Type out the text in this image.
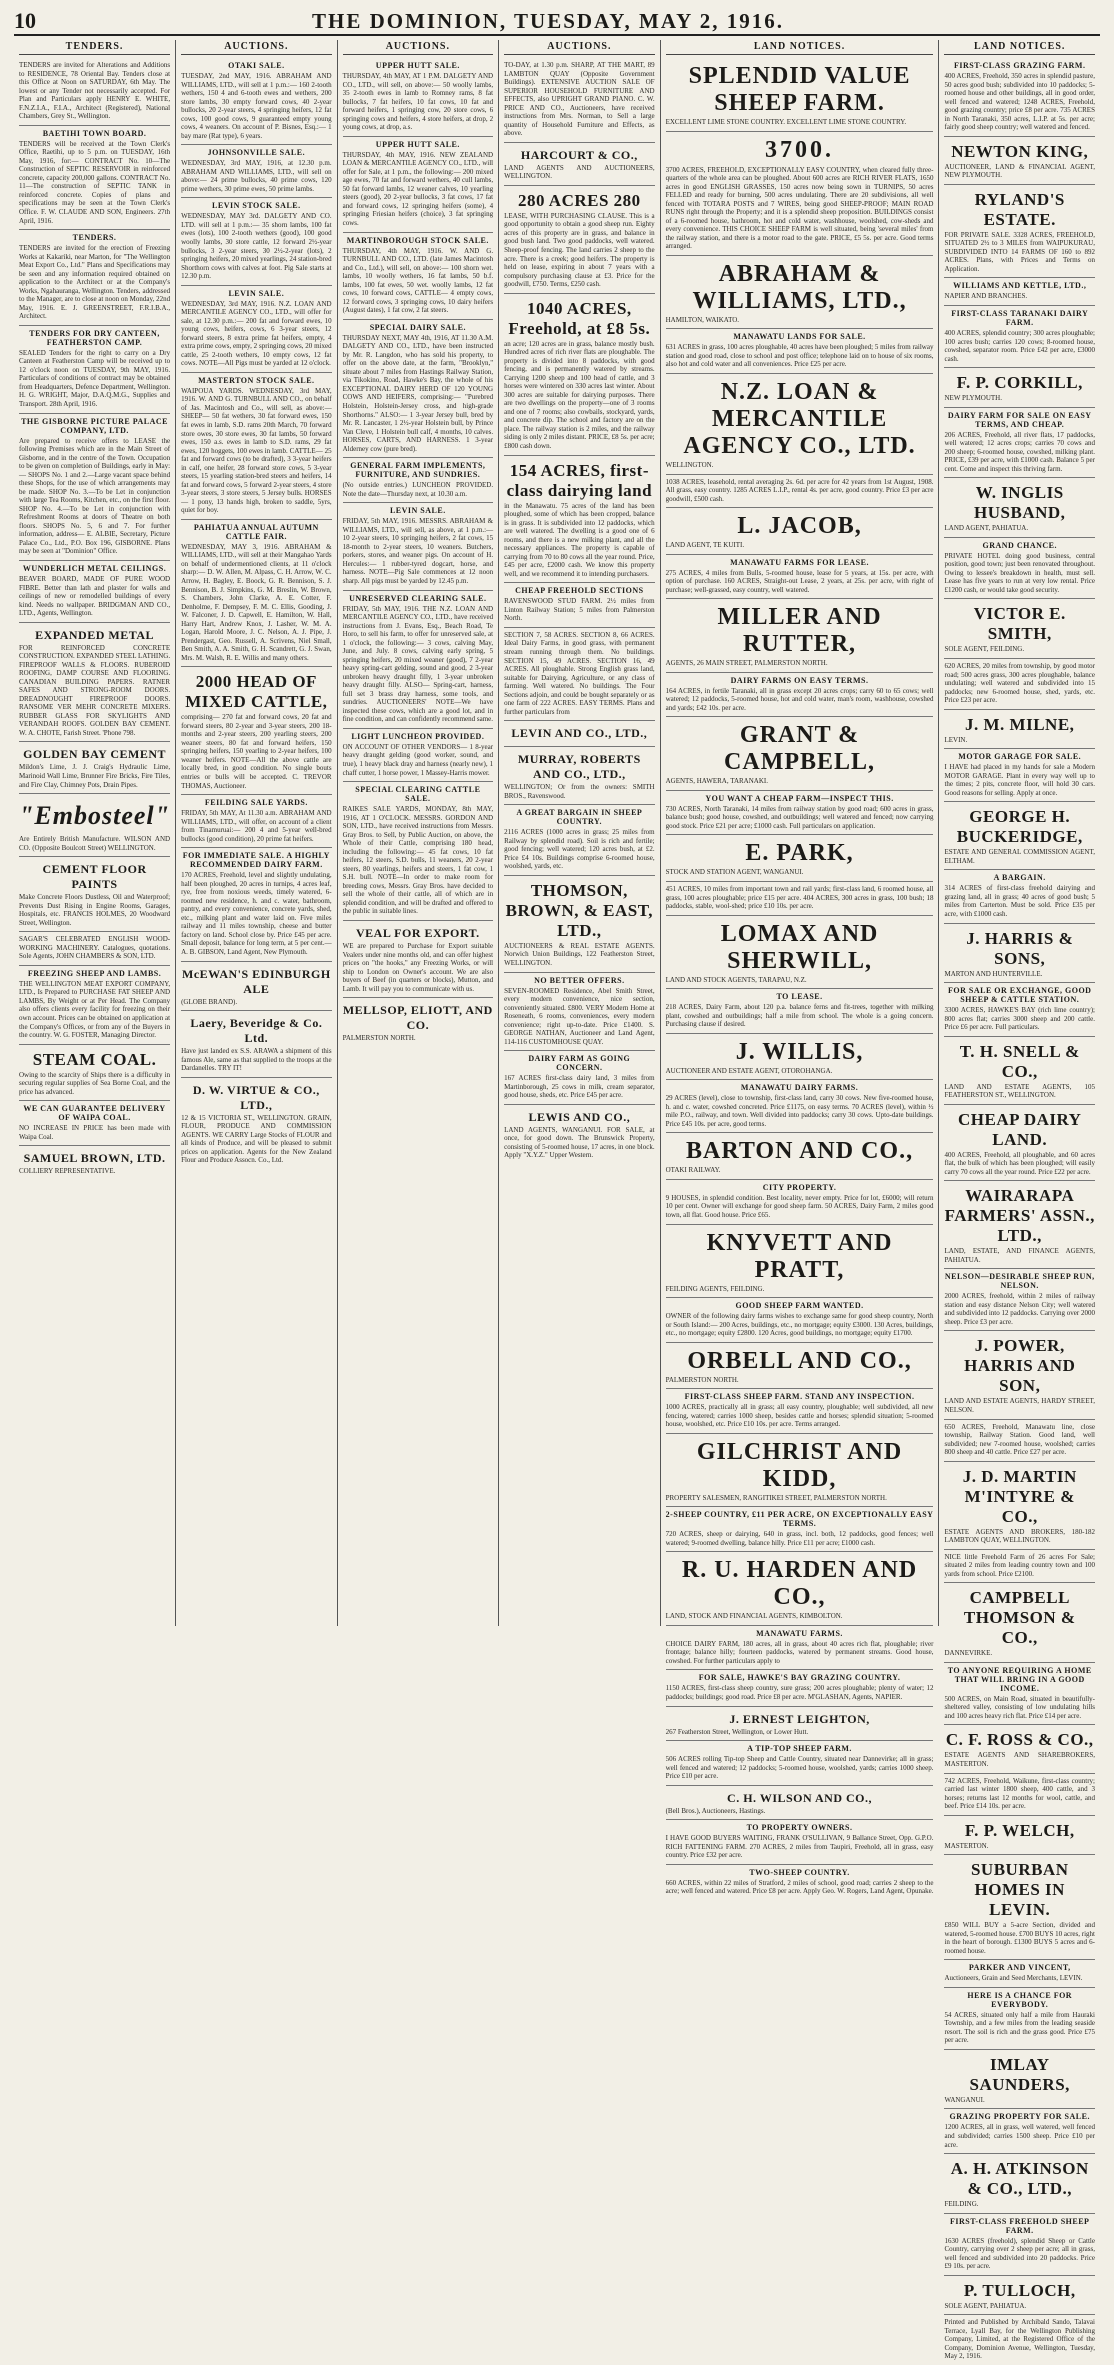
10	THE DOMINION, TUESDAY, MAY 2, 1916.
TENDERS.
TENDERS are invited for Alterations and Additions to RESIDENCE, 78 Oriental Bay. Tenders close at this Office at Noon on SATURDAY, 6th May. The lowest or any Tender not necessarily accepted. For Plan and Particulars apply HENRY E. WHITE, F.N.Z.I.A., F.I.A., Architect (Registered), National Chambers, Grey St., Wellington.
BAETIHI TOWN BOARD.
TENDERS will be received at the Town Clerk's Office, Raetihi, up to 5 p.m. on TUESDAY, 16th May, 1916, for:— CONTRACT No. 10—The Construction of SEPTIC RESERVOIR in reinforced concrete, capacity 200,000 gallons. CONTRACT No. 11—The construction of SEPTIC TANK in reinforced concrete. Copies of plans and specifications may be seen at the Town Clerk's Office. F. W. CLAUDE AND SON, Engineers. 27th April, 1916.
TENDERS.
TENDERS are invited for the erection of Freezing Works at Kakariki, near Marton, for "The Wellington Meat Export Co., Ltd." Plans and Specifications may be seen and any information required obtained on application to the Architect or at the Company's Works, Ngahauranga, Wellington. Tenders, addressed to the Manager, are to close at noon on Monday, 22nd May, 1916. E. J. GREENSTREET, F.R.I.B.A., Architect.
TENDERS FOR DRY CANTEEN, FEATHERSTON CAMP.
SEALED Tenders for the right to carry on a Dry Canteen at Featherston Camp will be received up to 12 o'clock noon on TUESDAY, 9th MAY, 1916. Particulars of conditions of contract may be obtained from Headquarters, Defence Department, Wellington. H. G. WRIGHT, Major, D.A.Q.M.G., Supplies and Transport. 28th April, 1916.
THE GISBORNE PICTURE PALACE COMPANY, LTD.
Are prepared to receive offers to LEASE the following Premises which are in the Main Street of Gisborne, and in the centre of the Town. Occupation to be given on completion of Buildings, early in May:— SHOPS No. 1 and 2.—Large vacant space behind these Shops, for the use of which arrangements may be made. SHOP No. 3.—To be Let in conjunction with large Tea Rooms, Kitchen, etc., on the first floor. SHOP No. 4.—To be Let in conjunction with Refreshment Rooms at doors of Theatre on both floors. SHOPS No. 5, 6 and 7. For further information, address— E. ALBIE, Secretary, Picture Palace Co., Ltd., P.O. Box 196, GISBORNE. Plans may be seen at "Dominion" Office.
WUNDERLICH METAL CEILINGS.
BEAVER BOARD, MADE OF PURE WOOD FIBRE. Better than lath and plaster for walls and ceilings of new or remodelled buildings of every kind. Needs no wallpaper. BRIDGMAN AND CO., LTD., Agents, Wellington.
EXPANDED METAL
FOR REINFORCED CONCRETE CONSTRUCTION. EXPANDED STEEL LATHING. FIREPROOF WALLS & FLOORS. RUBEROID ROOFING, DAMP COURSE AND FLOORING. CANADIAN BUILDING PAPERS. RATNER SAFES AND STRONG-ROOM DOORS. DREADNOUGHT FIREPROOF DOORS. RANSOME VER MEHR CONCRETE MIXERS. RUBBER GLASS FOR SKYLIGHTS AND VERANDAH ROOFS. GOLDEN BAY CEMENT. W. A. CHOTE, Farish Street. 'Phone 798.
GOLDEN BAY CEMENT
Mildon's Lime, J. J. Craig's Hydraulic Lime, Marinoid Wall Lime, Brunner Fire Bricks, Fire Tiles, and Fire Clay, Chimney Pots, Drain Pipes.
"Embosteel"
Are Entirely British Manufacture. WILSON AND CO. (Opposite Boulcott Street) WELLINGTON.
CEMENT FLOOR PAINTS
Make Concrete Floors Dustless, Oil and Waterproof; Prevents Dust Rising in Engine Rooms, Garages, Hospitals, etc. FRANCIS HOLMES, 20 Woodward Street, Wellington.
SAGAR'S CELEBRATED ENGLISH WOOD-WORKING MACHINERY. Catalogues, quotations. Sole Agents, JOHN CHAMBERS & SON, LTD.
FREEZING SHEEP AND LAMBS.
THE WELLINGTON MEAT EXPORT COMPANY, LTD., Is Prepared to PURCHASE FAT SHEEP AND LAMBS, By Weight or at Per Head. The Company also offers clients every facility for freezing on their own account. Prices can be obtained on application at the Company's Offices, or from any of the Buyers in the country. W. G. FOSTER, Managing Director.
STEAM COAL.
Owing to the scarcity of Ships there is a difficulty in securing regular supplies of Sea Borne Coal, and the price has advanced.
WE CAN GUARANTEE DELIVERY OF WAIPA COAL.
NO INCREASE IN PRICE has been made with Waipa Coal.
SAMUEL BROWN, LTD.
COLLIERY REPRESENTATIVE.
AUCTIONS.
OTAKI SALE.
TUESDAY, 2nd MAY, 1916. ABRAHAM AND WILLIAMS, LTD., will sell at 1 p.m.:— 160 2-tooth wethers, 150 4 and 6-tooth ewes and wethers, 200 store lambs, 30 empty forward cows, 40 2-year bullocks, 20 2-year steers, 4 springing heifers, 12 fat cows, 100 good cows, 9 guaranteed empty young cows, 4 weaners. On account of P. Bisnes, Esq.:— 1 bay mare (Rat type), 6 years.
JOHNSONVILLE SALE.
WEDNESDAY, 3rd MAY, 1916, at 12.30 p.m. ABRAHAM AND WILLIAMS, LTD., will sell on above:— 24 prime bullocks, 40 prime cows, 120 prime wethers, 30 prime ewes, 50 prime lambs.
LEVIN STOCK SALE.
WEDNESDAY, MAY 3rd. DALGETY AND CO. LTD. will sell at 1 p.m.:— 35 shorn lambs, 100 fat ewes (lots), 100 2-tooth wethers (good), 100 good woolly lambs, 30 store cattle, 12 forward 2½-year bullocks, 3 2-year steers, 30 2½-2-year (lots), 2 springing heifers, 20 mixed yearlings, 24 station-bred Shorthorn cows with calves at foot. Pig Sale starts at 12.30 p.m.
LEVIN SALE.
WEDNESDAY, 3rd MAY, 1916. N.Z. LOAN AND MERCANTILE AGENCY CO., LTD., will offer for sale, at 12.30 p.m.:— 200 fat and forward ewes, 10 young cows, heifers, cows, 6 3-year steers, 12 forward steers, 8 extra prime fat heifers, empty, 4 extra prime cows, empty, 2 springing cows, 20 mixed cattle, 25 2-tooth wethers, 10 empty cows, 12 fat cows. NOTE—All Pigs must be yarded at 12 o'clock.
MASTERTON STOCK SALE.
WAIPOUA YARDS. WEDNESDAY, 3rd MAY, 1916. W. AND G. TURNBULL AND CO., on behalf of Jas. Macintosh and Co., will sell, as above:— SHEEP— 50 fat wethers, 30 fat forward ewes, 150 fat ewes in lamb, S.D. rams 20th March, 70 forward store owes, 30 store ewes, 30 fat lambs, 50 forward ewes, 150 a.s. ewes in lamb to S.D. rams, 29 fat ewes, 120 hoggets, 100 ewes in lamb. CATTLE— 25 fat and forward cows (to be drafted), 3 3-year heifers in calf, one heifer, 28 forward store cows, 5 3-year steers, 15 yearling station-bred steers and heifers, 14 fat and forward cows, 5 forward 2-year steers, 4 store 3-year steers, 3 store steers, 5 Jersey bulls. HORSES— 1 pony, 13 hands high, broken to saddle, 5yrs, quiet for boy.
PAHIATUA ANNUAL AUTUMN CATTLE FAIR.
WEDNESDAY, MAY 3, 1916. ABRAHAM & WILLIAMS, LTD., will sell at their Mangahao Yards on behalf of undermentioned clients, at 11 o'clock sharp:— D. W. Allen, M. Alpass, C. H. Arrow, W. C. Arrow, H. Bagley, E. Boock, G. R. Bennison, S. J. Bennison, B. J. Simpkins, G. M. Breslin, W. Brown, S. Chambers, John Clarke, A. E. Cotter, F. Denholme, F. Dempsey, F. M. C. Ellis, Gooding, J. W. Falconer, J. D. Capwell, E. Hamilton, W. Hall, Harry Hart, Andrew Knox, J. Lasher, W. M. A. Logan, Harold Moore, J. C. Nelson, A. J. Pipe, J. Prendergast, Geo. Russell, A. Scrivens, Niel Small, Ben Smith, A. A. Smith, G. H. Scandrett, G. J. Swan, Mrs. M. Walsh, R. E. Willis and many others.
2000 HEAD OF MIXED CATTLE,
comprising— 270 fat and forward cows, 20 fat and forward steers, 80 2-year and 3-year steers, 200 18-months and 2-year steers, 200 yearling steers, 200 weaner steers, 80 fat and forward heifers, 150 springing heifers, 150 yearling to 2-year heifers, 100 weaner heifers. NOTE—All the above cattle are locally bred, in good condition. No single bouts entries or bulls will be accepted. C. TREVOR THOMAS, Auctioneer.
FEILDING SALE YARDS.
FRIDAY, 5th MAY, At 11.30 a.m. ABRAHAM AND WILLIAMS, LTD., will offer, on account of a client from Tinamuruai:— 200 4 and 5-year well-bred bullocks (good condition), 20 prime fat heifers.
FOR IMMEDIATE SALE. A HIGHLY RECOMMENDED DAIRY FARM.
170 ACRES, Freehold, level and slightly undulating, half been ploughed, 20 acres in turnips, 4 acres leaf, rye, free from noxious weeds, timely watered, 6-roomed new residence, h. and c. water, bathroom, pantry, and every convenience, concrete yards, shed, etc., milking plant and water laid on. Five miles railway and 11 miles township, cheese and butter factory on land. School close by. Price £45 per acre. Small deposit, balance for long term, at 5 per cent.—A. B. GIBSON, Land Agent, New Plymouth.
McEWAN'S EDINBURGH ALE
(GLOBE BRAND).
Laery, Beveridge & Co. Ltd.
Have just landed ex S.S. ARAWA a shipment of this famous Ale, same as that supplied to the troops at the Dardanelles. TRY IT!
D. W. VIRTUE & CO., LTD.,
12 & 15 VICTORIA ST., WELLINGTON. GRAIN, FLOUR, PRODUCE AND COMMISSION AGENTS. WE CARRY Large Stocks of FLOUR and all kinds of Produce, and will be pleased to submit prices on application. Agents for the New Zealand Flour and Produce Assocn. Co., Ltd.
AUCTIONS.
UPPER HUTT SALE.
THURSDAY, 4th MAY, AT 1 P.M. DALGETY AND CO., LTD., will sell, on above:— 50 woolly lambs, 35 2-tooth ewes in lamb to Romney rams, 8 fat bullocks, 7 fat heifers, 10 fat cows, 10 fat and forward heifers, 1 springing cow, 20 store cows, 6 springing cows and heifers, 4 store heifers, at drop, 2 young cows, at drop, a.s.
UPPER HUTT SALE.
THURSDAY, 4th MAY, 1916. NEW ZEALAND LOAN & MERCANTILE AGENCY CO., LTD., will offer for Sale, at 1 p.m., the following:— 200 mixed age ewes, 70 fat and forward wethers, 40 cull lambs, 50 fat forward lambs, 12 weaner calves, 10 yearling steers (good), 20 2-year bullocks, 3 fat cows, 17 fat and forward cows, 12 springing heifers (some), 4 springing Friesian heifers (choice), 3 fat springing cows.
MARTINBOROUGH STOCK SALE.
THURSDAY, 4th MAY, 1916. W. AND G. TURNBULL AND CO., LTD. (late James Macintosh and Co., Ltd.), will sell, on above:— 100 shorn wet. lambs, 10 woolly wethers, 16 fat lambs, 50 b.f. lambs, 100 fat ewes, 50 wet. woolly lambs, 12 fat cows, 10 forward cows, CATTLE— 4 empty cows, 12 forward cows, 3 springing cows, 10 dairy heifers (August dates), 1 fat cow, 2 fat steers.
SPECIAL DAIRY SALE.
THURSDAY NEXT, MAY 4th, 1916, AT 11.30 A.M. DALGETY AND CO., LTD., have been instructed by Mr. R. Langdon, who has sold his property, to offer on the above date, at the farm, "Brooklyn," situate about 7 miles from Hastings Railway Station, via Tikokino, Road, Hawke's Bay, the whole of his EXCEPTIONAL DAIRY HERD OF 120 YOUNG COWS AND HEIFERS, comprising:— "Purebred Holstein, Holstein-Jersey cross, and high-grade Shorthorns." ALSO:— 1 3-year Jersey bull, bred by Mr. R. Lancaster, 1 2½-year Holstein bull, by Prince Van Cleve, 1 Holstein bull calf, 4 months, 10 calves. HORSES, CARTS, AND HARNESS. 1 3-year Alderney cow (pure bred).
GENERAL FARM IMPLEMENTS, FURNITURE, AND SUNDRIES.
(No outside entries.) LUNCHEON PROVIDED. Note the date—Thursday next, at 10.30 a.m.
LEVIN SALE.
FRIDAY, 5th MAY, 1916. MESSRS. ABRAHAM & WILLIAMS, LTD., will sell, as above, at 1 p.m.:— 10 2-year steers, 10 springing heifers, 2 fat cows, 15 18-month to 2-year steers, 10 weaners. Butchers, porkers, stores, and weaner pigs. On account of H. Hercules:— 1 rubber-tyred dogcart, horse, and harness. NOTE—Pig Sale commences at 12 noon sharp. All pigs must be yarded by 12.45 p.m.
UNRESERVED CLEARING SALE.
FRIDAY, 5th MAY, 1916. THE N.Z. LOAN AND MERCANTILE AGENCY CO., LTD., have received instructions from J. Evans, Esq., Beach Road, Te Horo, to sell his farm, to offer for unreserved sale, at 1 o'clock, the following:— 3 cows, calving May, June, and July. 8 cows, calving early spring, 5 springing heifers, 20 mixed weaner (good), 7 2-year heavy spring-cart gelding, sound and good, 2 3-year unbroken heavy draught filly, 1 3-year unbroken heavy draught filly. ALSO— Spring-cart, harness, full set 3 brass dray harness, some tools, and sundries. AUCTIONEERS' NOTE—We have inspected these cows, which are a good lot, and in fine condition, and can confidently recommend same.
LIGHT LUNCHEON PROVIDED.
ON ACCOUNT OF OTHER VENDORS— 1 8-year heavy draught gelding (good worker, sound, and true), 1 heavy black dray and harness (nearly new), 1 chaff cutter, 1 horse power, 1 Massey-Harris mower.
SPECIAL CLEARING CATTLE SALE.
RAIKES SALE YARDS, MONDAY, 8th MAY, 1916, AT 1 O'CLOCK. MESSRS. GORDON AND SON, LTD., have received instructions from Messrs. Gray Bros. to Sell, by Public Auction, on above, the Whole of their Cattle, comprising 180 head, including the following:— 45 fat cows, 10 fat heifers, 12 steers, S.D. bulls, 11 weaners, 20 2-year steers, 80 yearlings, heifers and steers, 1 fat cow, 1 S.H. bull. NOTE—In order to make room for breeding cows, Messrs. Gray Bros. have decided to sell the whole of their cattle, all of which are in splendid condition, and will be drafted and offered to the public in suitable lines.
VEAL FOR EXPORT.
WE are prepared to Purchase for Export suitable Vealers under nine months old, and can offer highest prices on "the hooks," any Freezing Works, or will ship to London on Owner's account. We are also buyers of Beef (in quarters or blocks), Mutton, and Lamb. It will pay you to communicate with us.
MELLSOP, ELIOTT, AND CO.
PALMERSTON NORTH.
AUCTIONS.
TO-DAY, at 1.30 p.m. SHARP, AT THE MART, 89 LAMBTON QUAY (Opposite Government Buildings). EXTENSIVE AUCTION SALE OF SUPERIOR HOUSEHOLD FURNITURE AND EFFECTS, also UPRIGHT GRAND PIANO. C. W. PRICE AND CO., Auctioneers, have received instructions from Mrs. Norman, to Sell a large quantity of Household Furniture and Effects, as above.
HARCOURT & CO.,
LAND AGENTS AND AUCTIONEERS, WELLINGTON.
280 ACRES 280
LEASE, WITH PURCHASING CLAUSE. This is a good opportunity to obtain a good sheep run. Eighty acres of this property are in grass, and balance in good bush land. Two good paddocks, well watered. Sheep-proof fencing. The land carries 2 sheep to the acre. There is a creek; good heifers. The property is held on lease, expiring in about 7 years with a compulsory purchasing clause at £3. Price for the goodwill, £750. Terms, £250 cash.
1040 ACRES, Freehold, at £8 5s.
an acre; 120 acres are in grass, balance mostly bush. Hundred acres of rich river flats are ploughable. The property is divided into 8 paddocks, with good fencing, and is permanently watered by streams. Carrying 1200 sheep and 100 head of cattle, and 3 horses were wintered on 330 acres last winter. About 300 acres are suitable for dairying purposes. There are two dwellings on the property—one of 3 rooms and one of 7 rooms; also cowbails, stockyard, yards, and concrete dip. The school and factory are on the place. The railway station is 2 miles, and the railway siding is only 2 miles distant. PRICE, £8 5s. per acre; £800 cash down.
154 ACRES, first-class dairying land
in the Manawatu. 75 acres of the land has been ploughed, some of which has been cropped, balance is in grass. It is subdivided into 12 paddocks, which are well watered. The dwelling is a good one of 6 rooms, and there is a new milking plant, and all the necessary appliances. The property is capable of carrying from 70 to 80 cows all the year round. Price, £45 per acre, £2000 cash. We know this property well, and we recommend it to intending purchasers.
CHEAP FREEHOLD SECTIONS
RAVENSWOOD STUD FARM. 2½ miles from Linton Railway Station; 5 miles from Palmerston North.
SECTION 7, 58 ACRES. SECTION 8, 66 ACRES. Ideal Dairy Farms, in good grass, with permanent stream running through them. No buildings. SECTION 15, 49 ACRES. SECTION 16, 49 ACRES. All ploughable. Strong English grass land, suitable for Dairying, Agriculture, or any class of farming. Well watered. No buildings. The Four Sections adjoin, and could be bought separately or as one farm of 222 ACRES. EASY TERMS. Plans and further particulars from
LEVIN AND CO., LTD.,
MURRAY, ROBERTS AND CO., LTD.,
WELLINGTON; Or from the owners: SMITH BROS., Ravenswood.
A GREAT BARGAIN IN SHEEP COUNTRY.
2116 ACRES (1000 acres in grass; 25 miles from Railway by splendid road). Soil is rich and fertile; good fencing; well watered; 120 acres bush, at £2. Price £4 10s. Buildings comprise 6-roomed house, woolshed, yards, etc.
THOMSON, BROWN, & EAST, LTD.,
AUCTIONEERS & REAL ESTATE AGENTS. Norwich Union Buildings, 122 Featherston Street, WELLINGTON.
NO BETTER OFFERS.
SEVEN-ROOMED Residence, Abel Smith Street, every modern convenience, nice section, conveniently situated. £800. VERY Modern Home at Roseneath, 6 rooms, conveniences, every modern convenience; right up-to-date. Price £1400. S. GEORGE NATHAN, Auctioneer and Land Agent, 114-116 CUSTOMHOUSE QUAY.
DAIRY FARM AS GOING CONCERN.
167 ACRES first-class dairy land, 3 miles from Martinborough, 25 cows in milk, cream separator, good house, sheds, etc. Price £45 per acre.
LEWIS AND CO.,
LAND AGENTS, WANGANUI. FOR SALE, at once, for good down. The Brunswick Property, consisting of 5-roomed house, 17 acres, in one block. Apply "X.Y.Z." Upper Western.
LAND NOTICES.
SPLENDID VALUE SHEEP FARM.
EXCELLENT LIME STONE COUNTRY. EXCELLENT LIME STONE COUNTRY.
3700.
3700 ACRES, FREEHOLD, EXCEPTIONALLY EASY COUNTRY, when cleared fully three-quarters of the whole area can be ploughed. About 600 acres are RICH RIVER FLATS, 1650 acres in good ENGLISH GRASSES, 150 acres now being sown in TURNIPS, 50 acres FELLED and ready for burning, 500 acres undulating. There are 20 subdivisions, all well fenced with TOTARA POSTS and 7 WIRES, being good SHEEP-PROOF; MAIN ROAD RUNS right through the Property; and it is a splendid sheep proposition. BUILDINGS consist of a 6-roomed house, bathroom, hot and cold water, washhouse, woolshed, cow-sheds and every convenience. THIS CHOICE SHEEP FARM is well situated, being 'several miles' from the railway station, and there is a motor road to the gate. PRICE, £5 5s. per acre. Good terms arranged.
ABRAHAM & WILLIAMS, LTD.,
HAMILTON, WAIKATO.
MANAWATU LANDS FOR SALE.
631 ACRES in grass, 100 acres ploughable, 40 acres have been ploughed; 5 miles from railway station and good road, close to school and post office; telephone laid on to house of six rooms, also hot and cold water and all conveniences. Price £25 per acre.
N.Z. LOAN & MERCANTILE AGENCY CO., LTD.
WELLINGTON.
1038 ACRES, leasehold, rental averaging 2s. 6d. per acre for 42 years from 1st August, 1908. All grass, easy country. 1285 ACRES L.I.P., rental 4s. per acre, good country. Price £3 per acre goodwill, £500 cash.
L. JACOB,
LAND AGENT, TE KUITI.
MANAWATU FARMS FOR LEASE.
275 ACRES, 4 miles from Bulls, 5-roomed house, lease for 5 years, at 15s. per acre, with option of purchase. 160 ACRES, Straight-out Lease, 2 years, at 25s. per acre, with right of purchase; well-grassed, easy country, well watered.
MILLER AND RUTTER,
AGENTS, 26 MAIN STREET, PALMERSTON NORTH.
DAIRY FARMS ON EASY TERMS.
164 ACRES, in fertile Taranaki, all in grass except 20 acres crops; carry 60 to 65 cows; well watered; 12 paddocks, 5-roomed house, hot and cold water, man's room, washhouse, cowshed and yards; £42 10s. per acre.
GRANT & CAMPBELL,
AGENTS, HAWERA, TARANAKI.
YOU WANT A CHEAP FARM—INSPECT THIS.
730 ACRES, North Taranaki, 14 miles from railway station by good road; 600 acres in grass, balance bush; good house, cowshed, and outbuildings; well watered and fenced; now carrying good stock. Price £21 per acre; £1000 cash. Full particulars on application.
E. PARK,
STOCK AND STATION AGENT, WANGANUI.
451 ACRES, 10 miles from important town and rail yards; first-class land, 6 roomed house, all grass, 100 acres ploughable; price £15 per acre. 404 ACRES, 300 acres in grass, 100 bush; 18 paddocks, stable, wool-shed; price £10 10s. per acre.
LOMAX AND SHERWILL,
LAND AND STOCK AGENTS, TARAPAU, N.Z.
TO LEASE.
218 ACRES, Dairy Farm, about 120 p.a. balance ferns and fit-trees, together with milking plant, cowshed and outbuildings; half a mile from school. The whole is a going concern. Purchasing clause if desired.
J. WILLIS,
AUCTIONEER AND ESTATE AGENT, OTOROHANGA.
MANAWATU DAIRY FARMS.
29 ACRES (level), close to township, first-class land, carry 30 cows. New five-roomed house, h. and c. water, cowshed concreted. Price £1175, on easy terms. 70 ACRES (level), within ½ mile P.O., railway, and town. Well divided into paddocks; carry 30 cows. Upto-date buildings. Price £45 10s. per acre, good terms.
BARTON AND CO.,
OTAKI RAILWAY.
CITY PROPERTY.
9 HOUSES, in splendid condition. Best locality, never empty. Price for lot, £6000; will return 10 per cent. Owner will exchange for good sheep farm. 50 ACRES, Dairy Farm, 2 miles good town, all flat. Good house. Price £65.
KNYVETT AND PRATT,
FEILDING AGENTS, FEILDING.
GOOD SHEEP FARM WANTED.
OWNER of the following dairy farms wishes to exchange same for good sheep country, North or South Island:— 200 Acres, buildings, etc., no mortgage; equity £3000. 130 Acres, buildings, etc., no mortgage; equity £2800. 120 Acres, good buildings, no mortgage; equity £1700.
ORBELL AND CO.,
PALMERSTON NORTH.
FIRST-CLASS SHEEP FARM. STAND ANY INSPECTION.
1000 ACRES, practically all in grass; all easy country, ploughable; well subdivided, all new fencing, watered; carries 1000 sheep, besides cattle and horses; splendid situation; 5-roomed house, woolshed, etc. Price £10 10s. per acre. Terms arranged.
GILCHRIST AND KIDD,
PROPERTY SALESMEN, RANGITIKEI STREET, PALMERSTON NORTH.
2-SHEEP COUNTRY, £11 PER ACRE, ON EXCEPTIONALLY EASY TERMS.
720 ACRES, sheep or dairying, 640 in grass, incl. both, 12 paddocks, good fences; well watered; 9-roomed dwelling, balance hilly. Price £11 per acre; £1000 cash.
R. U. HARDEN AND CO.,
LAND, STOCK AND FINANCIAL AGENTS, KIMBOLTON.
MANAWATU FARMS.
CHOICE DAIRY FARM, 180 acres, all in grass, about 40 acres rich flat, ploughable; river frontage; balance hilly; fourteen paddocks, watered by permanent streams. Good house, cowshed. For further particulars apply to
FOR SALE, HAWKE'S BAY GRAZING COUNTRY.
1150 ACRES, first-class sheep country, sure grass; 200 acres ploughable; plenty of water; 12 paddocks; buildings; good road. Price £8 per acre. M'GLASHAN, Agents, NAPIER.
J. ERNEST LEIGHTON,
267 Featherston Street, Wellington, or Lower Hutt.
A TIP-TOP SHEEP FARM.
506 ACRES rolling Tip-top Sheep and Cattle Country, situated near Dannevirke; all in grass; well fenced and watered; 12 paddocks; 5-roomed house, woolshed, yards; carries 1000 sheep. Price £10 per acre.
C. H. WILSON AND CO.,
(Bell Bros.), Auctioneers, Hastings.
TO PROPERTY OWNERS.
I HAVE GOOD BUYERS WAITING, FRANK O'SULLIVAN, 9 Ballance Street, Opp. G.P.O. RICH FATTENING FARM. 270 ACRES, 2 miles from Taupiri, Freehold, all in grass, easy country. Price £32 per acre.
TWO-SHEEP COUNTRY.
660 ACRES, within 22 miles of Stratford, 2 miles of school, good road; carries 2 sheep to the acre; well fenced and watered. Price £8 per acre. Apply Geo. W. Rogers, Land Agent, Opunake.
LAND NOTICES.
FIRST-CLASS GRAZING FARM.
400 ACRES, Freehold, 350 acres in splendid pasture, 50 acres good bush; subdivided into 10 paddocks; 5-roomed house and other buildings, all in good order, well fenced and watered; 1248 ACRES, Freehold, good grazing country; price £8 per acre. 735 ACRES in North Taranaki, 350 acres, L.I.P. at 5s. per acre; fairly good sheep country; well watered and fenced.
NEWTON KING,
AUCTIONEER, LAND & FINANCIAL AGENT, NEW PLYMOUTH.
RYLAND'S ESTATE.
FOR PRIVATE SALE. 3328 ACRES, FREEHOLD, SITUATED 2½ to 3 MILES from WAIPUKURAU, SUBDIVIDED INTO 14 FARMS OF 160 to 892 ACRES. Plans, with Prices and Terms on Application.
WILLIAMS AND KETTLE, LTD.,
NAPIER AND BRANCHES.
FIRST-CLASS TARANAKI DAIRY FARM.
400 ACRES, splendid country; 300 acres ploughable; 100 acres bush; carries 120 cows; 8-roomed house, cowshed, separator room. Price £42 per acre, £3000 cash.
F. P. CORKILL,
NEW PLYMOUTH.
DAIRY FARM FOR SALE ON EASY TERMS, AND CHEAP.
206 ACRES, Freehold, all river flats, 17 paddocks, well watered; 12 acres crops; carries 70 cows and 200 sheep; 6-roomed house, cowshed, milking plant. PRICE, £39 per acre, with £1000 cash. Balance 5 per cent. Come and inspect this thriving farm.
W. INGLIS HUSBAND,
LAND AGENT, PAHIATUA.
GRAND CHANCE.
PRIVATE HOTEL doing good business, central position, good town; just been renovated throughout. Owing to lessee's breakdown in health, must sell. Lease has five years to run at very low rental. Price £1200 cash, or would take good security.
VICTOR E. SMITH,
SOLE AGENT, FEILDING.
620 ACRES, 20 miles from township, by good motor road; 500 acres grass, 300 acres ploughable, balance undulating; well watered and subdivided into 15 paddocks; new 6-roomed house, shed, yards, etc. Price £23 per acre.
J. M. MILNE,
LEVIN.
MOTOR GARAGE FOR SALE.
I HAVE had placed in my hands for sale a Modern MOTOR GARAGE. Plant in every way well up to the times; 2 pits, concrete floor, will hold 30 cars. Good reasons for selling. Apply at once.
GEORGE H. BUCKERIDGE,
ESTATE AND GENERAL COMMISSION AGENT, ELTHAM.
A BARGAIN.
314 ACRES of first-class freehold dairying and grazing land, all in grass; 40 acres of good bush; 5 miles from Carterton. Must be sold. Price £35 per acre, with £1000 cash.
J. HARRIS & SONS,
MARTON AND HUNTERVILLE.
FOR SALE OR EXCHANGE, GOOD SHEEP & CATTLE STATION.
3300 ACRES, HAWKE'S BAY (rich lime country); 800 acres flat; carries 3000 sheep and 200 cattle. Price £6 per acre. Full particulars.
T. H. SNELL & CO.,
LAND AND ESTATE AGENTS, 105 FEATHERSTON ST., WELLINGTON.
CHEAP DAIRY LAND.
400 ACRES, Freehold, all ploughable, and 60 acres flat, the bulk of which has been ploughed; will easily carry 70 cows all the year round. Price £22 per acre.
WAIRARAPA FARMERS' ASSN., LTD.,
LAND, ESTATE, AND FINANCE AGENTS, PAHIATUA.
NELSON—DESIRABLE SHEEP RUN, NELSON.
2000 ACRES, freehold, within 2 miles of railway station and easy distance Nelson City; well watered and subdivided into 12 paddocks. Carrying over 2000 sheep. Price £3 per acre.
J. POWER, HARRIS AND SON,
LAND AND ESTATE AGENTS, HARDY STREET, NELSON.
650 ACRES, Freehold, Manawatu line, close township, Railway Station. Good land, well subdivided; new 7-roomed house, woolshed; carries 800 sheep and 40 cattle. Price £27 per acre.
J. D. MARTIN M'INTYRE & CO.,
ESTATE AGENTS AND BROKERS, 180-182 LAMBTON QUAY, WELLINGTON.
NICE little Freehold Farm of 26 acres For Sale; situated 2 miles from leading country town and 100 yards from school. Price £2100.
CAMPBELL THOMSON & CO.,
DANNEVIRKE.
TO ANYONE REQUIRING A HOME THAT WILL BRING IN A GOOD INCOME.
500 ACRES, on Main Road, situated in beautifully-sheltered valley, consisting of low undulating hills and 100 acres heavy rich flat. Price £14 per acre.
C. F. ROSS & CO.,
ESTATE AGENTS AND SHAREBROKERS, MASTERTON.
742 ACRES, Freehold, Waikune, first-class country; carried last winter 1800 sheep, 400 cattle, and 3 horses; returns last 12 months for wool, cattle, and beef. Price £14 10s. per acre.
F. P. WELCH,
MASTERTON.
SUBURBAN HOMES IN LEVIN.
£850 WILL BUY a 5-acre Section, divided and watered, 5-roomed house. £700 BUYS 10 acres, right in the heart of borough. £1300 BUYS 5 acres and 6-roomed house.
PARKER AND VINCENT,
Auctioneers, Grain and Seed Merchants, LEVIN.
HERE IS A CHANCE FOR EVERYBODY.
54 ACRES, situated only half a mile from Hauraki Township, and a few miles from the leading seaside resort. The soil is rich and the grass good. Price £75 per acre.
IMLAY SAUNDERS,
WANGANUI.
GRAZING PROPERTY FOR SALE.
1200 ACRES, all in grass, well watered, well fenced and subdivided; carries 1500 sheep. Price £10 per acre.
A. H. ATKINSON & CO., LTD.,
FEILDING.
FIRST-CLASS FREEHOLD SHEEP FARM.
1630 ACRES (freehold), splendid Sheep or Cattle Country, carrying over 2 sheep per acre; all in grass, well fenced and subdivided into 20 paddocks. Price £9 10s. per acre.
P. TULLOCH,
SOLE AGENT, PAHIATUA.
Printed and Published by Archibald Sando, Talavai Terrace, Lyall Bay, for the Wellington Publishing Company, Limited, at the Registered Office of the Company, Dominion Avenue, Wellington, Tuesday, May 2, 1916.
